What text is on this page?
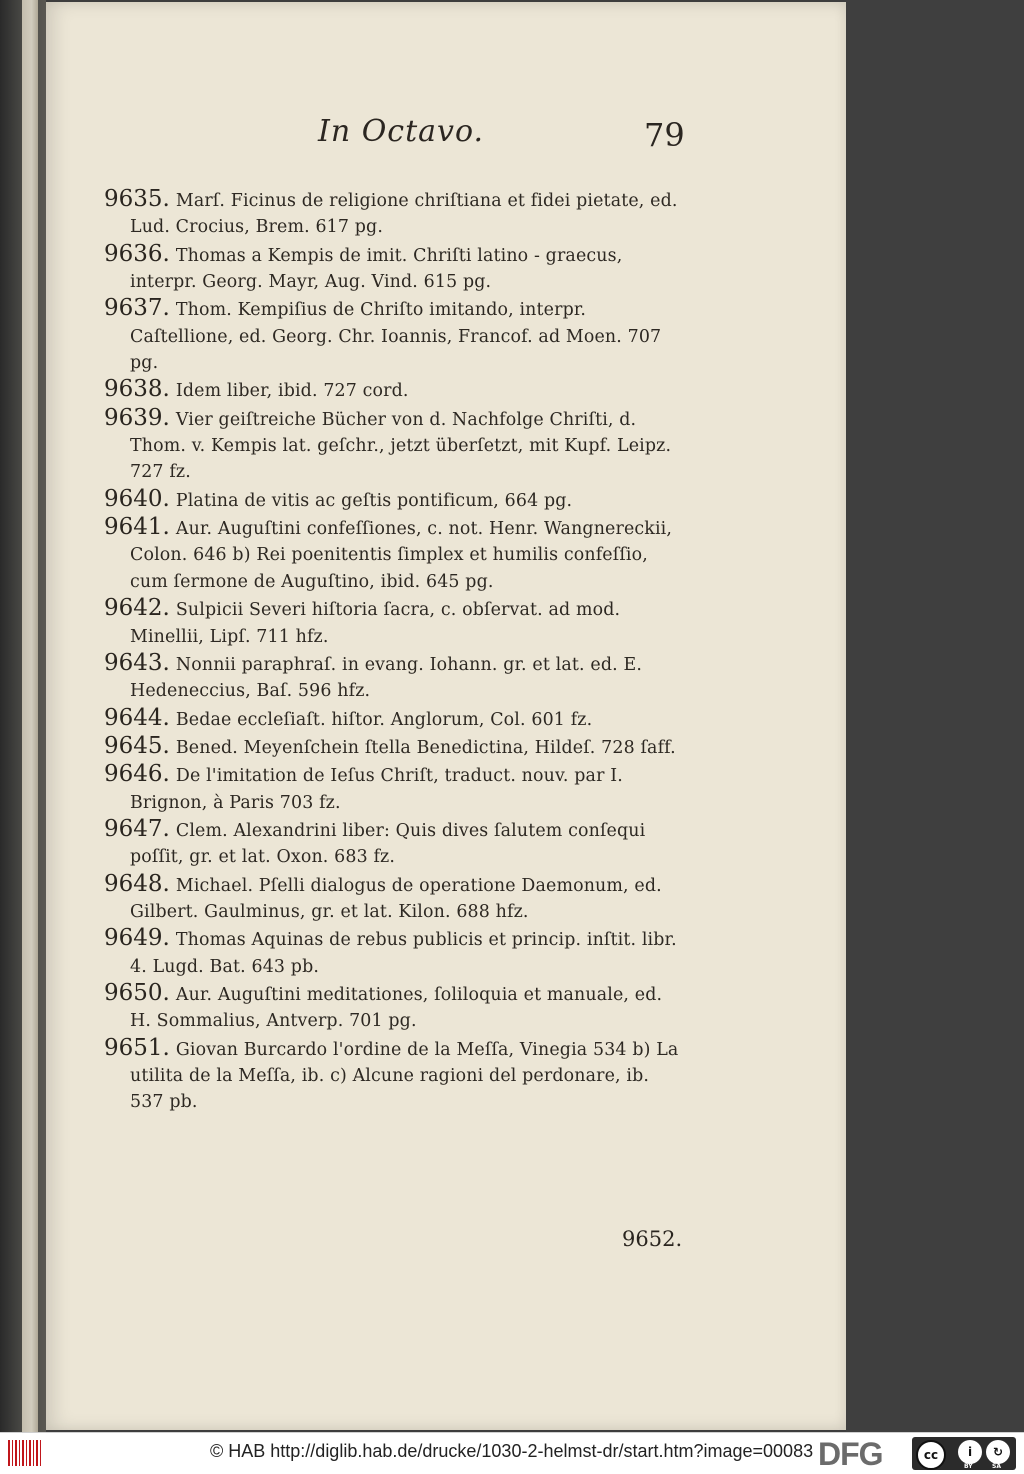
In Octavo.	79

9635. Marſ. Ficinus de religione chriſtiana et fidei pietate, ed. Lud. Crocius, Brem. 617 pg.

9636. Thomas a Kempis de imit. Chriſti latino - graecus, interpr. Georg. Mayr, Aug. Vind. 615 pg.

9637. Thom. Kempiſius de Chriſto imitando, interpr. Caſtellione, ed. Georg. Chr. Ioannis, Francof. ad Moen. 707 pg.

9638. Idem liber, ibid. 727 cord.

9639. Vier geiſtreiche Bücher von d. Nachfolge Chriſti, d. Thom. v. Kempis lat. geſchr., jetzt überſetzt, mit Kupf. Leipz. 727 fz.

9640. Platina de vitis ac geſtis pontificum, 664 pg.

9641. Aur. Auguſtini confeſſiones, c. not. Henr. Wangnereckii, Colon. 646 b) Rei poenitentis ſimplex et humilis confeſſio, cum ſermone de Auguſtino, ibid. 645 pg.

9642. Sulpicii Severi hiſtoria ſacra, c. obſervat. ad mod. Minellii, Lipſ. 711 hfz.

9643. Nonnii paraphraſ. in evang. Iohann. gr. et lat. ed. E. Hedeneccius, Baſ. 596 hfz.

9644. Bedae eccleſiaſt. hiſtor. Anglorum, Col. 601 fz.

9645. Bened. Meyenſchein ſtella Benedictina, Hildeſ. 728 ſaff.

9646. De l'imitation de Ieſus Chriſt, traduct. nouv. par I. Brignon, à Paris 703 fz.

9647. Clem. Alexandrini liber: Quis dives ſalutem conſequi poſſit, gr. et lat. Oxon. 683 fz.

9648. Michael. Pſelli dialogus de operatione Daemonum, ed. Gilbert. Gaulminus, gr. et lat. Kilon. 688 hfz.

9649. Thomas Aquinas de rebus publicis et princip. inſtit. libr. 4. Lugd. Bat. 643 pb.

9650. Aur. Auguſtini meditationes, ſoliloquia et manuale, ed. H. Sommalius, Antverp. 701 pg.

9651. Giovan Burcardo l'ordine de la Meſſa, Vinegia 534 b) La utilita de la Meſſa, ib. c) Alcune ragioni del perdonare, ib. 537 pb.

9652.
© HAB http://diglib.hab.de/drucke/1030-2-helmst-dr/start.htm?image=00083 DFG	cc	i	↻
BY	SA
